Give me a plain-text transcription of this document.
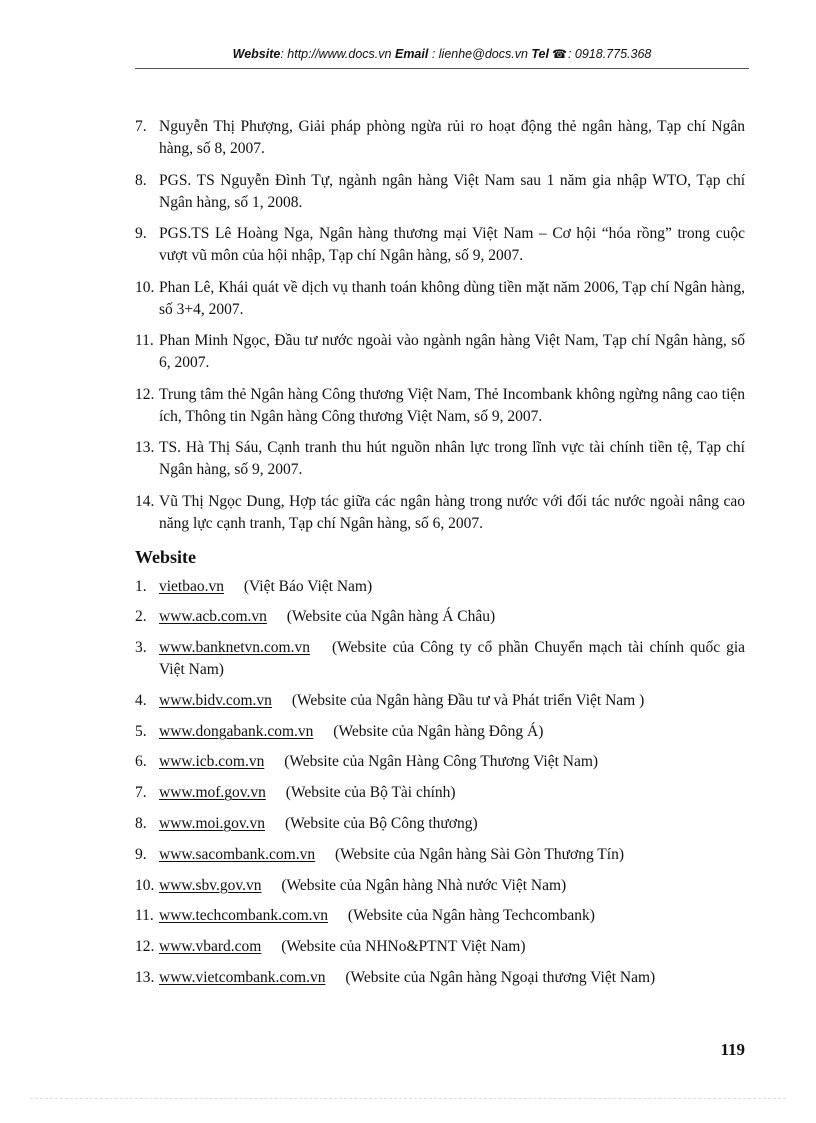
Website: http://www.docs.vn Email : lienhe@docs.vn Tel ☎: 0918.775.368
7. Nguyễn Thị Phượng, Giải pháp phòng ngừa rủi ro hoạt động thẻ ngân hàng, Tạp chí Ngân hàng, số 8, 2007.
8. PGS. TS Nguyễn Đình Tự, ngành ngân hàng Việt Nam sau 1 năm gia nhập WTO, Tạp chí Ngân hàng, số 1, 2008.
9. PGS.TS Lê Hoàng Nga, Ngân hàng thương mại Việt Nam – Cơ hội “hóa rồng” trong cuộc vượt vũ môn của hội nhập, Tạp chí Ngân hàng, số 9, 2007.
10. Phan Lê, Khái quát về dịch vụ thanh toán không dùng tiền mặt năm 2006, Tạp chí Ngân hàng, số 3+4, 2007.
11. Phan Minh Ngọc, Đầu tư nước ngoài vào ngành ngân hàng Việt Nam, Tạp chí Ngân hàng, số 6, 2007.
12. Trung tâm thẻ Ngân hàng Công thương Việt Nam, Thẻ Incombank không ngừng nâng cao tiện ích, Thông tin Ngân hàng Công thương Việt Nam, số 9, 2007.
13. TS. Hà Thị Sáu, Cạnh tranh thu hút nguồn nhân lực trong lĩnh vực tài chính tiền tệ, Tạp chí Ngân hàng, số 9, 2007.
14. Vũ Thị Ngọc Dung, Hợp tác giữa các ngân hàng trong nước với đối tác nước ngoài nâng cao năng lực cạnh tranh, Tạp chí Ngân hàng, số 6, 2007.
Website
1. vietbao.vn (Việt Báo Việt Nam)
2. www.acb.com.vn (Website của Ngân hàng Á Châu)
3. www.banknetvn.com.vn (Website của Công ty cổ phần Chuyển mạch tài chính quốc gia Việt Nam)
4. www.bidv.com.vn (Website của Ngân hàng Đầu tư và Phát triển Việt Nam )
5. www.dongabank.com.vn (Website của Ngân hàng Đông Á)
6. www.icb.com.vn (Website của Ngân Hàng Công Thương Việt Nam)
7. www.mof.gov.vn (Website của Bộ Tài chính)
8. www.moi.gov.vn (Website của Bộ Công thương)
9. www.sacombank.com.vn (Website của Ngân hàng Sài Gòn Thương Tín)
10. www.sbv.gov.vn (Website của Ngân hàng Nhà nước Việt Nam)
11. www.techcombank.com.vn (Website của Ngân hàng Techcombank)
12. www.vbard.com (Website của NHNo&PTNT Việt Nam)
13. www.vietcombank.com.vn (Website của Ngân hàng Ngoại thương Việt Nam)
119
